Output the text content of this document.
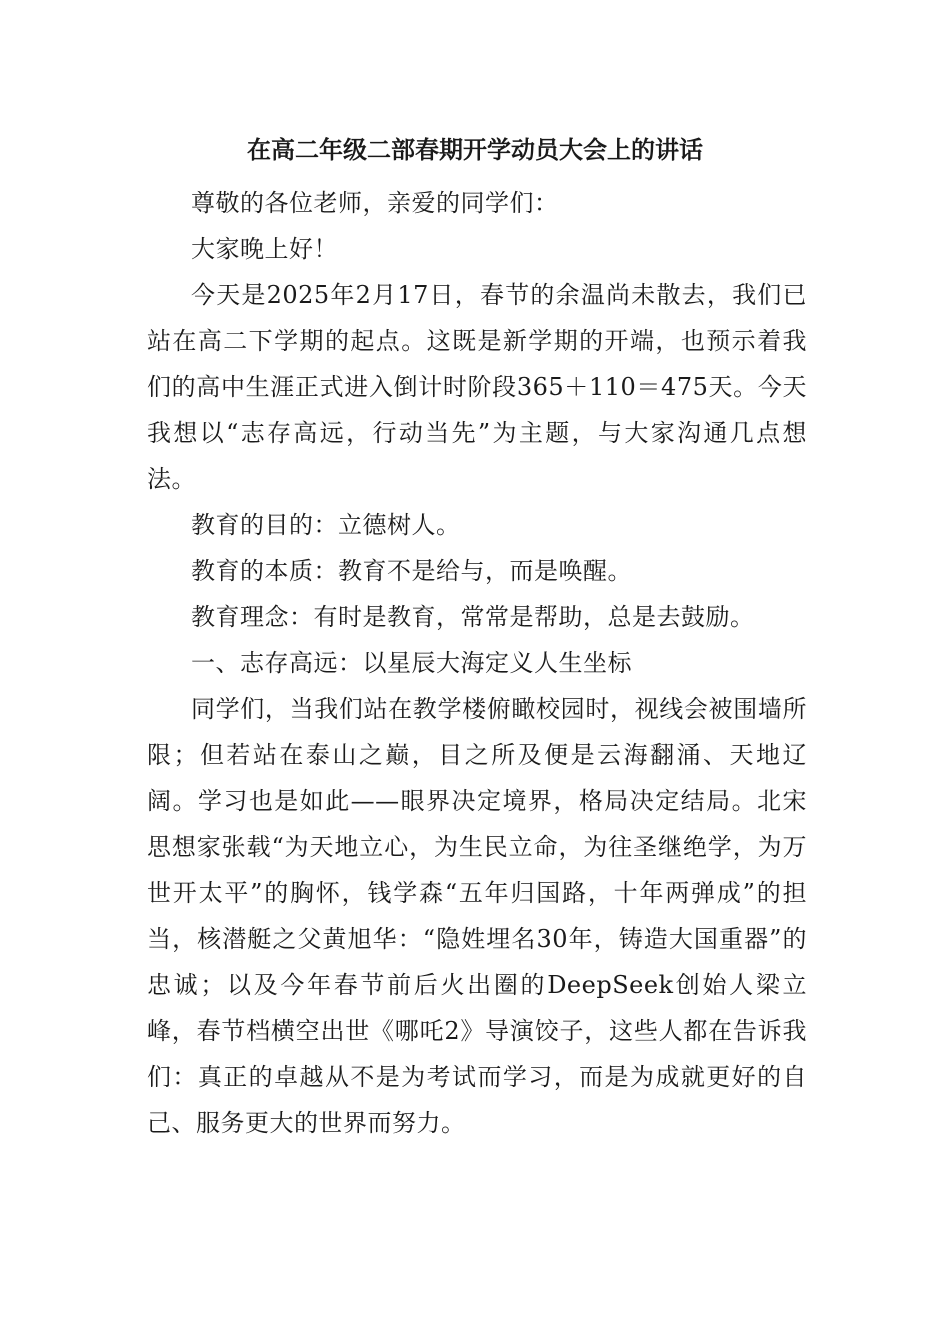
在高二年级二部春期开学动员大会上的讲话

尊敬的各位老师，亲爱的同学们：

大家晚上好！

今天是2025年2月17日，春节的余温尚未散去，我们已站在高二下学期的起点。这既是新学期的开端，也预示着我们的高中生涯正式进入倒计时阶段365＋110＝475天。今天我想以“志存高远，行动当先”为主题，与大家沟通几点想法。

教育的目的：立德树人。

教育的本质：教育不是给与，而是唤醒。

教育理念：有时是教育，常常是帮助，总是去鼓励。

一、志存高远：以星辰大海定义人生坐标

同学们，当我们站在教学楼俯瞰校园时，视线会被围墙所限；但若站在泰山之巅，目之所及便是云海翻涌、天地辽阔。学习也是如此——眼界决定境界，格局决定结局。北宋思想家张载“为天地立心，为生民立命，为往圣继绝学，为万世开太平”的胸怀，钱学森“五年归国路，十年两弹成”的担当，核潜艇之父黄旭华：“隐姓埋名30年，铸造大国重器”的忠诚；以及今年春节前后火出圈的DeepSeek创始人梁立峰，春节档横空出世《哪吒2》导演饺子，这些人都在告诉我们：真正的卓越从不是为考试而学习，而是为成就更好的自己、服务更大的世界而努力。
